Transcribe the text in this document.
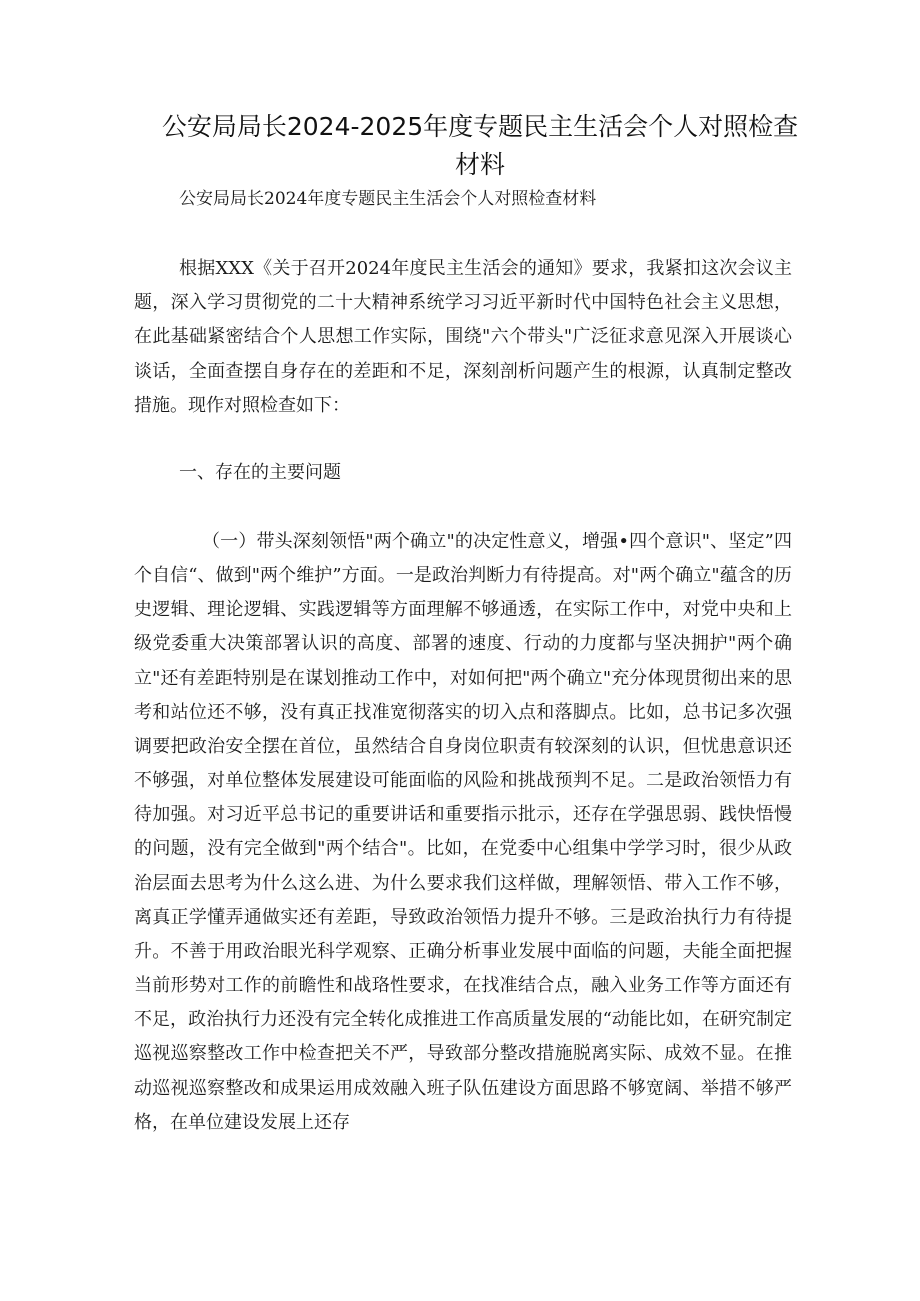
公安局局长2024-2025年度专题民主生活会个人对照检查材料

公安局局长2024年度专题民主生活会个人对照检查材料

根据XXX《关于召开2024年度民主生活会的通知》要求，我紧扣这次会议主题，深入学习贯彻党的二十大精神系统学习习近平新时代中国特色社会主义思想，在此基础紧密结合个人思想工作实际，围绕"六个带头"广泛征求意见深入开展谈心谈话，全面查摆自身存在的差距和不足，深刻剖析问题产生的根源，认真制定整改措施。现作对照检查如下：

一、存在的主要问题

（一）带头深刻领悟"两个确立"的决定性意义，增强•四个意识"、坚定”四个自信“、做到"两个维护”方面。一是政治判断力有待提高。对"两个确立"蕴含的历史逻辑、理论逻辑、实践逻辑等方面理解不够通透，在实际工作中，对党中央和上级党委重大决策部署认识的高度、部署的速度、行动的力度都与坚决拥护"两个确立"还有差距特别是在谋划推动工作中，对如何把"两个确立"充分体现贯彻出来的思考和站位还不够，没有真正找准宽彻落实的切入点和落脚点。比如，总书记多次强调要把政治安全摆在首位，虽然结合自身岗位职责有较深刻的认识，但忧患意识还不够强，对单位整体发展建设可能面临的风险和挑战预判不足。二是政治领悟力有待加强。对习近平总书记的重要讲话和重要指示批示，还存在学强思弱、践快悟慢的问题，没有完全做到"两个结合"。比如，在党委中心组集中学学习时，很少从政治层面去思考为什么这么进、为什么要求我们这样做，理解领悟、带入工作不够，离真正学懂弄通做实还有差距，导致政治领悟力提升不够。三是政治执行力有待提升。不善于用政治眼光科学观察、正确分析事业发展中面临的问题，夫能全面把握当前形势对工作的前瞻性和战珞性要求，在找准结合点，融入业务工作等方面还有不足，政治执行力还没有完全转化成推进工作高质量发展的“动能比如，在研究制定巡视巡察整改工作中检查把关不严，导致部分整改措施脱离实际、成效不显。在推动巡视巡察整改和成果运用成效融入班子队伍建设方面思路不够宽阔、举措不够严格，在单位建设发展上还存
